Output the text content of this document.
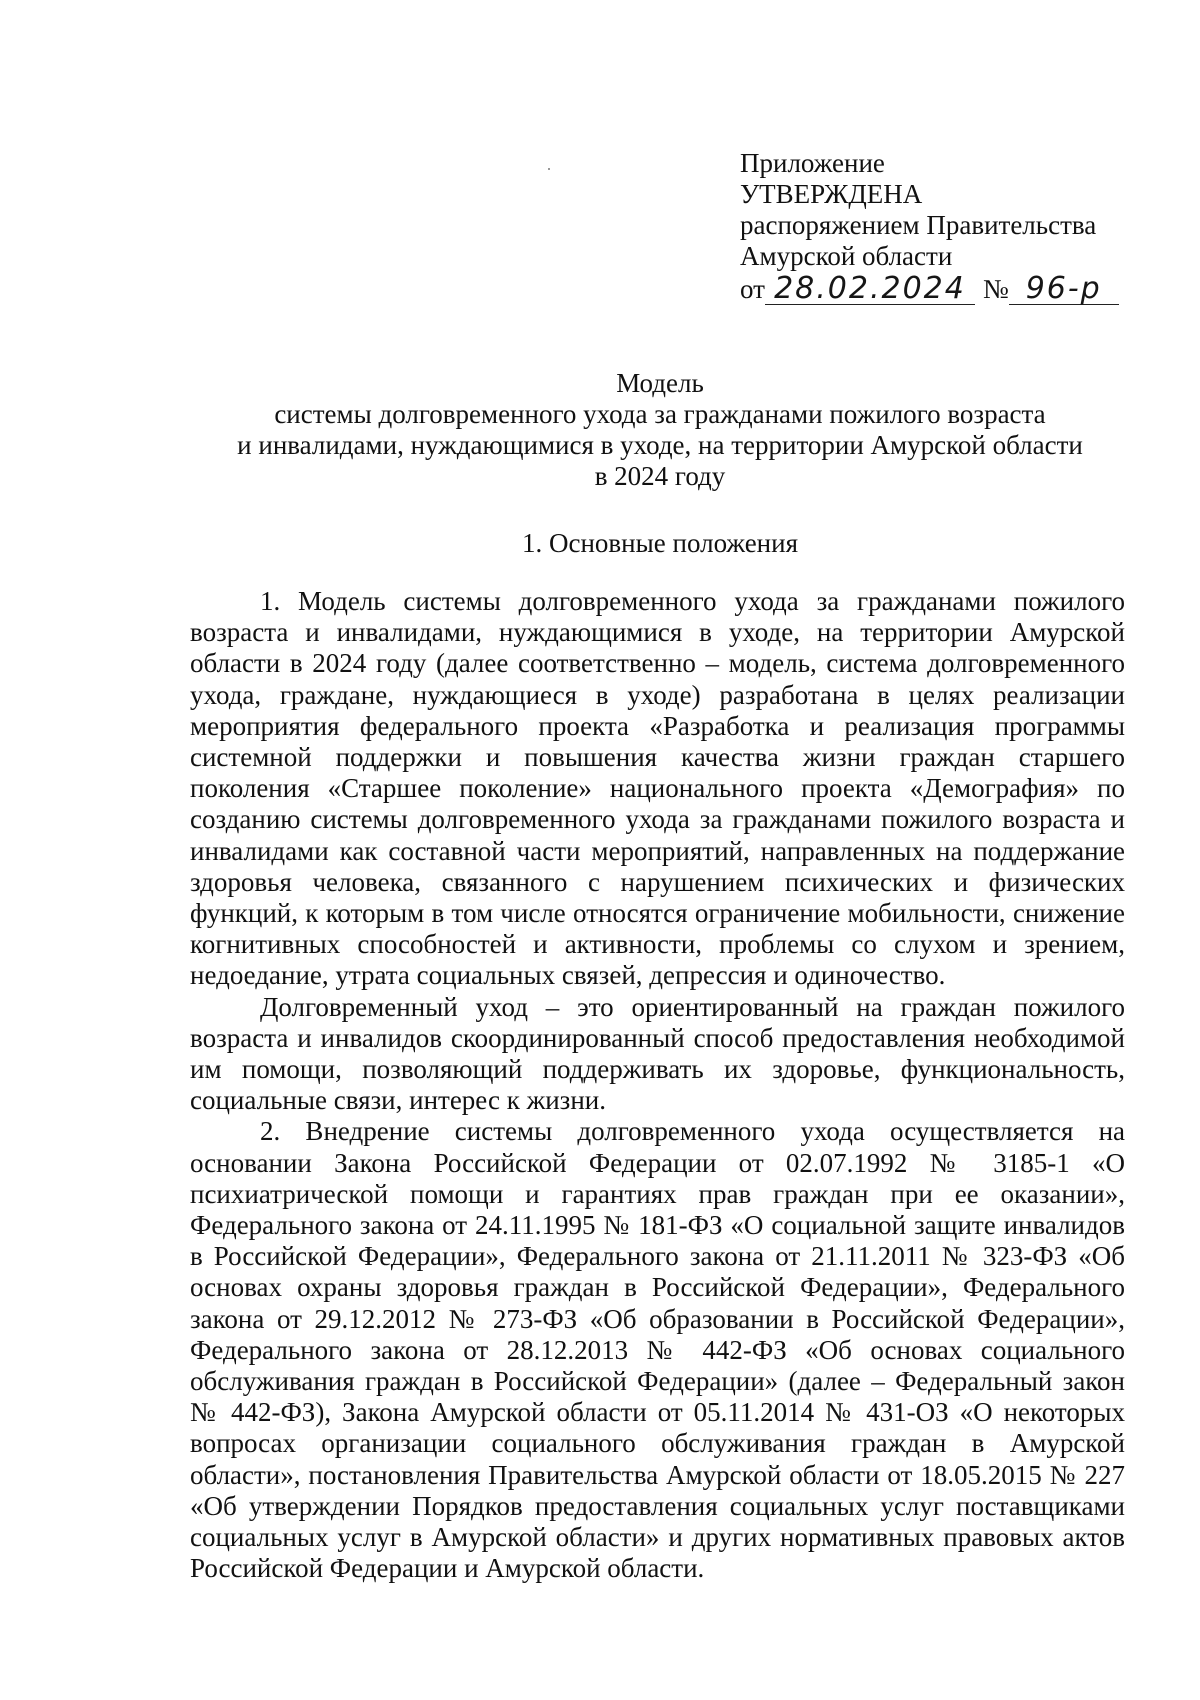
Приложение
УТВЕРЖДЕНА
распоряжением Правительства
Амурской области
от 28.02.2024 № 96-р
Модель
системы долговременного ухода за гражданами пожилого возраста
и инвалидами, нуждающимися в уходе, на территории Амурской области
в 2024 году
1. Основные положения

1. Модель системы долговременного ухода за гражданами пожилого возраста и инвалидами, нуждающимися в уходе, на территории Амурской области в 2024 году (далее соответственно – модель, система долговременного ухода, граждане, нуждающиеся в уходе) разработана в целях реализации мероприятия федерального проекта «Разработка и реализация программы системной поддержки и повышения качества жизни граждан старшего поколения «Старшее поколение» национального проекта «Демография» по созданию системы долговременного ухода за гражданами пожилого возраста и инвалидами как составной части мероприятий, направленных на поддержание здоровья человека, связанного с нарушением психических и физических функций, к которым в том числе относятся ограничение мобильности, снижение когнитивных способностей и активности, проблемы со слухом и зрением, недоедание, утрата социальных связей, депрессия и одиночество.

Долговременный уход – это ориентированный на граждан пожилого возраста и инвалидов скоординированный способ предоставления необходимой им помощи, позволяющий поддерживать их здоровье, функциональность, социальные связи, интерес к жизни.

2. Внедрение системы долговременного ухода осуществляется на основании Закона Российской Федерации от 02.07.1992 № 3185-1 «О психиатрической помощи и гарантиях прав граждан при ее оказании», Федерального закона от 24.11.1995 № 181-ФЗ «О социальной защите инвалидов в Российской Федерации», Федерального закона от 21.11.2011 № 323-ФЗ «Об основах охраны здоровья граждан в Российской Федерации», Федерального закона от 29.12.2012 № 273-ФЗ «Об образовании в Российской Федерации», Федерального закона от 28.12.2013 № 442-ФЗ «Об основах социального обслуживания граждан в Российской Федерации» (далее – Федеральный закон № 442-ФЗ), Закона Амурской области от 05.11.2014 № 431-ОЗ «О некоторых вопросах организации социального обслуживания граждан в Амурской области», постановления Правительства Амурской области от 18.05.2015 № 227 «Об утверждении Порядков предоставления социальных услуг поставщиками социальных услуг в Амурской области» и других нормативных правовых актов Российской Федерации и Амурской области.
